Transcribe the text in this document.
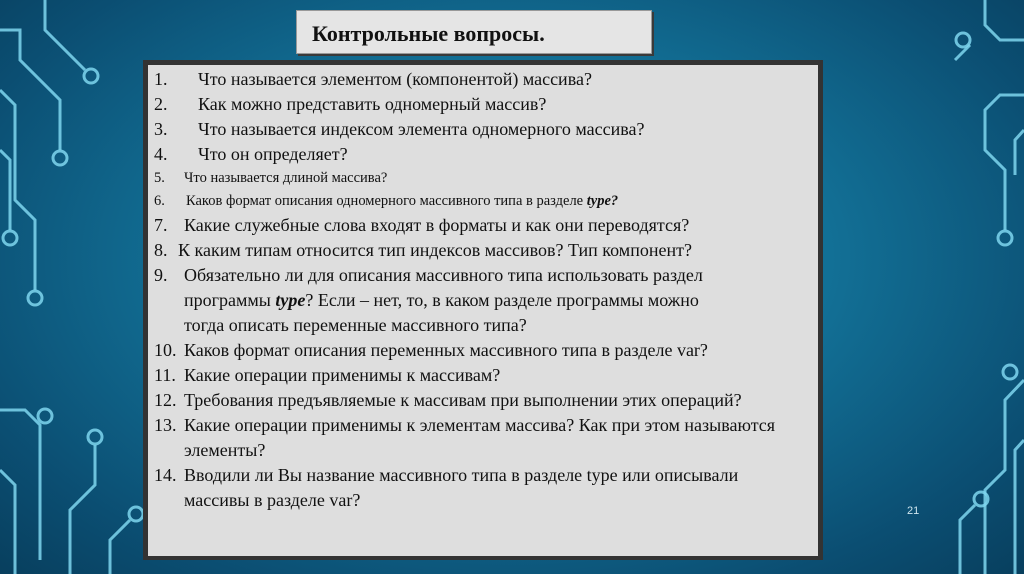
Контрольные вопросы.
1.	Что называется элементом (компонентой) массива?
2.	Как можно представить одномерный массив?
3.	Что называется индексом элемента одномерного массива?
4.	Что он определяет?
5.	Что называется длиной массива?
6.	Каков формат описания одномерного массивного типа в разделе type?
7. Какие служебные слова входят в форматы и как они переводятся?
8. К каким типам относится тип индексов массивов? Тип компонент?
9. Обязательно ли для описания массивного типа использовать раздел
программы type? Если – нет, то, в каком разделе программы можно
тогда описать переменные массивного типа?
10. Каков формат описания переменных массивного типа в разделе var?
11. Какие операции применимы к массивам?
12. Требования предъявляемые к массивам при выполнении этих операций?
13. Какие операции применимы к элементам массива? Как при этом называются элементы?
14. Вводили ли Вы название массивного типа в разделе type или описывали массивы в разделе var?
21
